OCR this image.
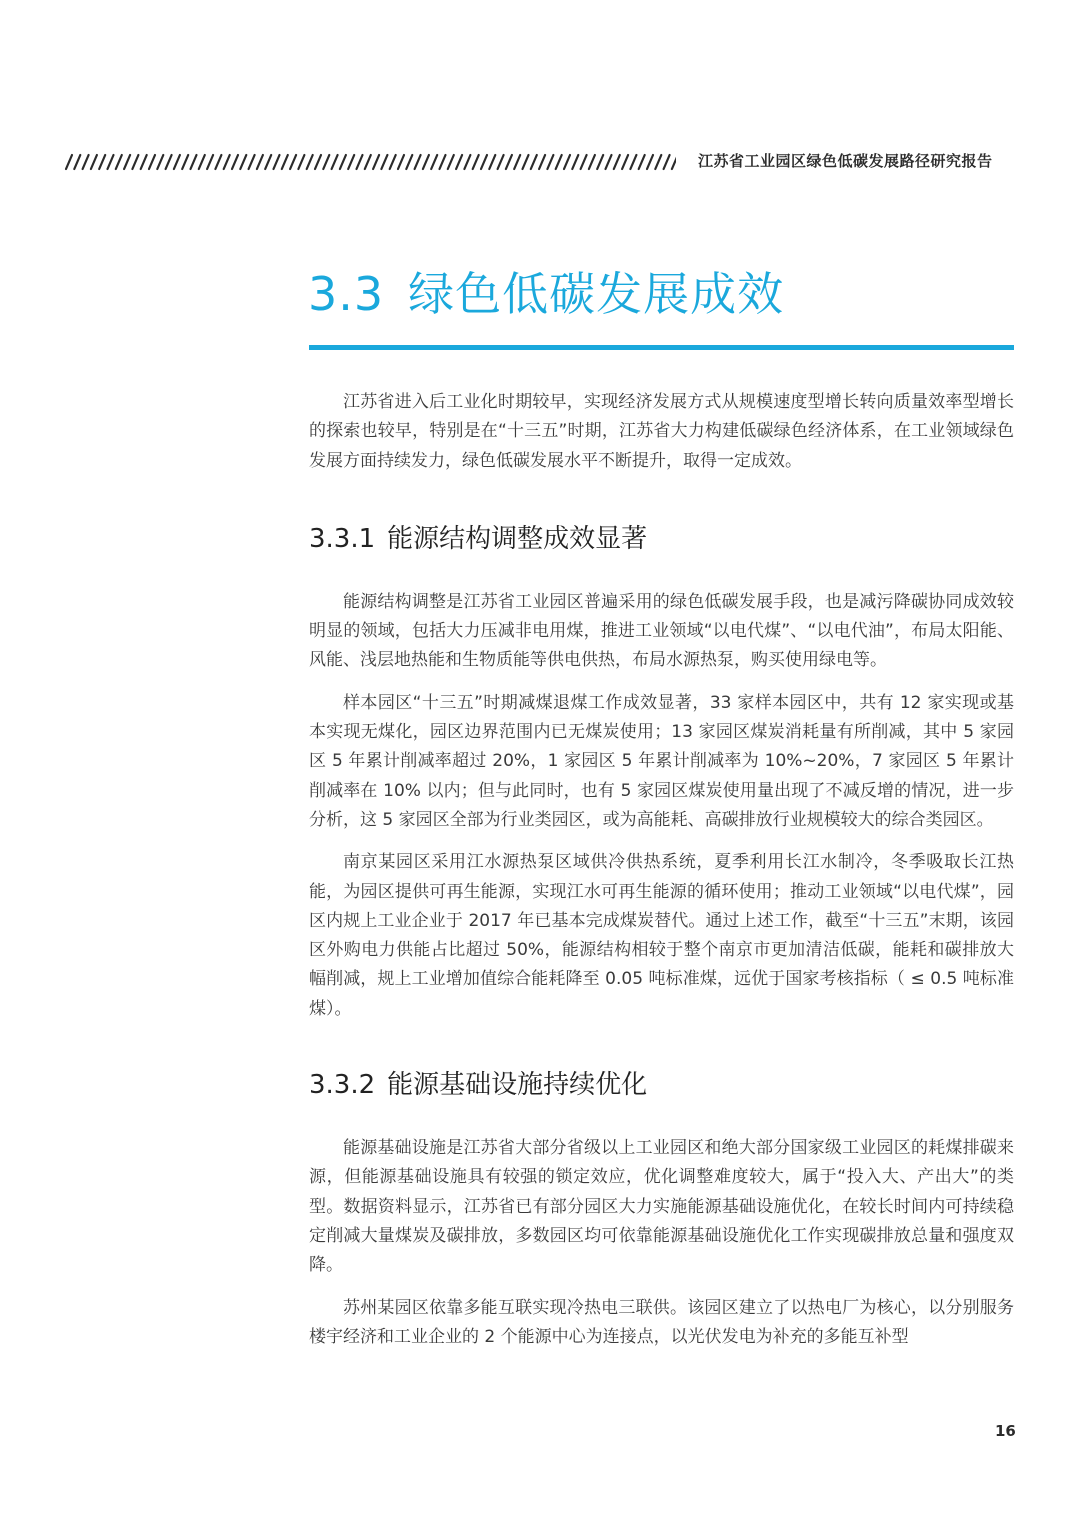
江苏省工业园区绿色低碳发展路径研究报告
3.3 绿色低碳发展成效

江苏省进入后工业化时期较早，实现经济发展方式从规模速度型增长转向质量效率型增长的探索也较早，特别是在“十三五”时期，江苏省大力构建低碳绿色经济体系，在工业领域绿色发展方面持续发力，绿色低碳发展水平不断提升，取得一定成效。

3.3.1 能源结构调整成效显著

能源结构调整是江苏省工业园区普遍采用的绿色低碳发展手段，也是减污降碳协同成效较明显的领域，包括大力压减非电用煤，推进工业领域“以电代煤”、“以电代油”，布局太阳能、风能、浅层地热能和生物质能等供电供热，布局水源热泵，购买使用绿电等。

样本园区“十三五”时期减煤退煤工作成效显著，33 家样本园区中，共有 12 家实现或基本实现无煤化，园区边界范围内已无煤炭使用；13 家园区煤炭消耗量有所削减，其中 5 家园区 5 年累计削减率超过 20%，1 家园区 5 年累计削减率为 10%~20%，7 家园区 5 年累计削减率在 10% 以内；但与此同时，也有 5 家园区煤炭使用量出现了不减反增的情况，进一步分析，这 5 家园区全部为行业类园区，或为高能耗、高碳排放行业规模较大的综合类园区。

南京某园区采用江水源热泵区域供冷供热系统，夏季利用长江水制冷，冬季吸取长江热能，为园区提供可再生能源，实现江水可再生能源的循环使用；推动工业领域“以电代煤”，园区内规上工业企业于 2017 年已基本完成煤炭替代。通过上述工作，截至“十三五”末期，该园区外购电力供能占比超过 50%，能源结构相较于整个南京市更加清洁低碳，能耗和碳排放大幅削减，规上工业增加值综合能耗降至 0.05 吨标准煤，远优于国家考核指标（ ≤ 0.5 吨标准煤）。

3.3.2 能源基础设施持续优化

能源基础设施是江苏省大部分省级以上工业园区和绝大部分国家级工业园区的耗煤排碳来源，但能源基础设施具有较强的锁定效应，优化调整难度较大，属于“投入大、产出大”的类型。数据资料显示，江苏省已有部分园区大力实施能源基础设施优化，在较长时间内可持续稳定削减大量煤炭及碳排放，多数园区均可依靠能源基础设施优化工作实现碳排放总量和强度双降。

苏州某园区依靠多能互联实现冷热电三联供。该园区建立了以热电厂为核心，以分别服务楼宇经济和工业企业的 2 个能源中心为连接点，以光伏发电为补充的多能互补型

16
